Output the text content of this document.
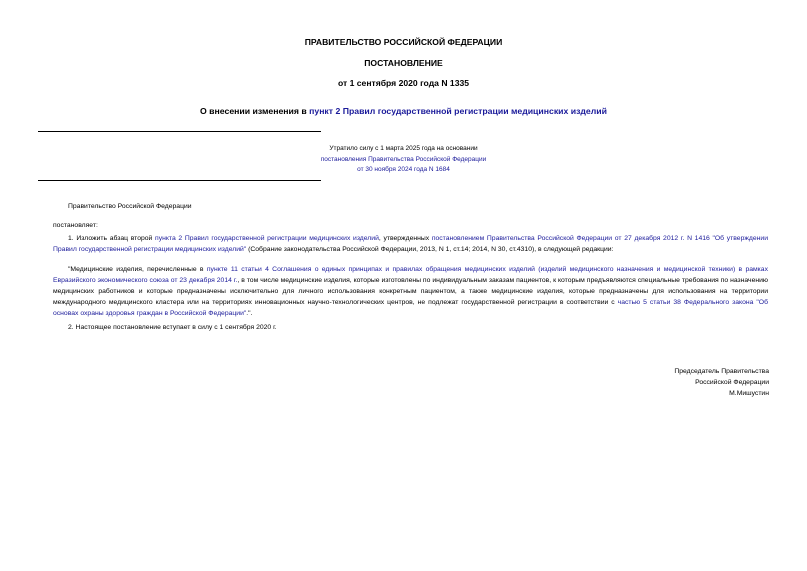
ПРАВИТЕЛЬСТВО РОССИЙСКОЙ ФЕДЕРАЦИИ
ПОСТАНОВЛЕНИЕ
от 1 сентября 2020 года N 1335
О внесении изменения в пункт 2 Правил государственной регистрации медицинских изделий
Утратило силу с 1 марта 2025 года на основании
постановления Правительства Российской Федерации
от 30 ноября 2024 года N 1684
Правительство Российской Федерации
постановляет:
1. Изложить абзац второй пункта 2 Правил государственной регистрации медицинских изделий, утвержденных постановлением Правительства Российской Федерации от 27 декабря 2012 г. N 1416 "Об утверждении Правил государственной регистрации медицинских изделий" (Собрание законодательства Российской Федерации, 2013, N 1, ст.14; 2014, N 30, ст.4310), в следующей редакции:
"Медицинские изделия, перечисленные в пункте 11 статьи 4 Соглашения о единых принципах и правилах обращения медицинских изделий (изделий медицинского назначения и медицинской техники) в рамках Евразийского экономического союза от 23 декабря 2014 г., в том числе медицинские изделия, которые изготовлены по индивидуальным заказам пациентов, к которым предъявляются специальные требования по назначению медицинских работников и которые предназначены исключительно для личного использования конкретным пациентом, а также медицинские изделия, которые предназначены для использования на территории международного медицинского кластера или на территориях инновационных научно-технологических центров, не подлежат государственной регистрации в соответствии с частью 5 статьи 38 Федерального закона "Об основах охраны здоровья граждан в Российской Федерации".".
2. Настоящее постановление вступает в силу с 1 сентября 2020 г.
Председатель Правительства
Российской Федерации
М.Мишустин
